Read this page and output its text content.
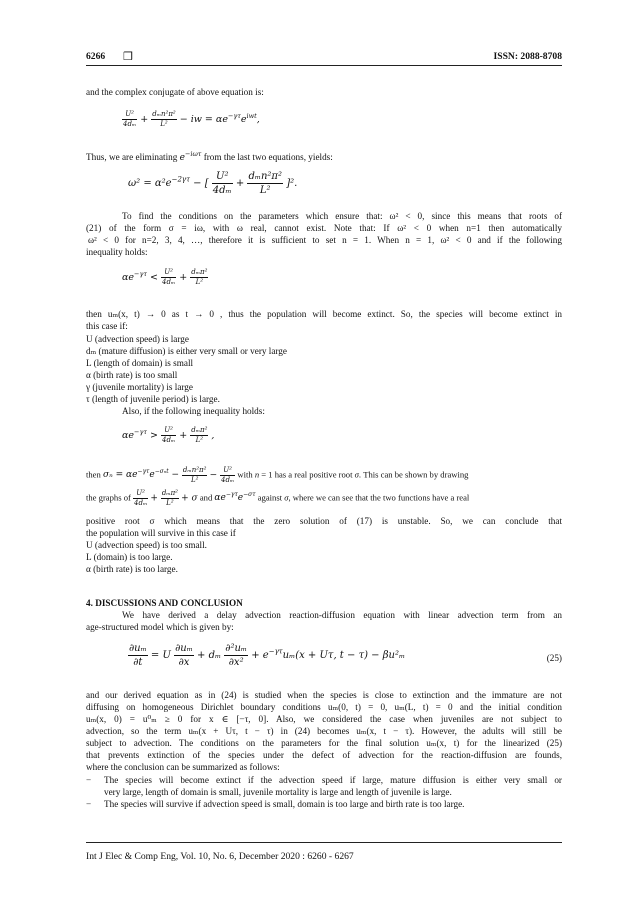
6266 ❒	ISSN: 2088-8708
and the complex conjugate of above equation is:
$\frac{\text{U²}}{\text{4dₘ}} + \frac{\text{dₘn²π²}}{\text{L²}}$ − iw = $\alpha e^{-\gamma\tau}e^{iwt}$,
Thus, we are eliminating $e^{-i\omega\tau}$ from the last two equations, yields:
$\omega^2 = \alpha^2e^{-2\gamma\tau}$ − [ $\frac{\text{U²}}{\text{4dₘ}} + \frac{\text{dₘn²π²}}{\text{L²}} ]^2$.
To find the conditions on the parameters which ensure that: ω² < 0, since this means that roots of
(21) of the form σ = iω, with ω real, cannot exist. Note that: If ω² < 0 when n=1 then automatically
ω² < 0 for n=2, 3, 4, …, therefore it is sufficient to set n = 1. When n = 1, ω² < 0 and if the following
inequality holds:
$\alpha e^{-\gamma\tau} < \frac{\text{U²}}{\text{4dₘ}} + \frac{\text{dₘπ²}}{\text{L²}}$
then uₘ(x, t) → 0 as t → 0 , thus the population will become extinct. So, the species will become extinct in
this case if:
U (advection speed) is large
dₘ (mature diffusion) is either very small or very large
L (length of domain) is small
α (birth rate) is too small
γ (juvenile mortality) is large
τ (length of juvenile period) is large.
Also, if the following inequality holds:
$\alpha e^{-\gamma\tau} > \frac{\text{U²}}{\text{4dₘ}} + \frac{\text{dₘπ²}}{\text{L²}}$ ,
then $\sigma_n = \alpha e^{-\gamma\tau}e^{-\sigma_nt} - \frac{\text{dₘn²π²}}{\text{L²}} - \frac{\text{U²}}{\text{4dₘ}}$ with n = 1 has a real positive root σ. This can be shown by drawing
the graphs of $\frac{\text{U²}}{\text{4dₘ}} + \frac{\text{dₘπ²}}{\text{L²}} + \sigma$ and $\alpha e^{-\gamma\tau}e^{-\sigma\tau}$ against σ, where we can see that the two functions have a real
positive root σ which means that the zero solution of (17) is unstable. So, we can conclude that
the population will survive in this case if
U (advection speed) is too small.
L (domain) is too large.
α (birth rate) is too large.
4. DISCUSSIONS AND CONCLUSION
We have derived a delay advection reaction-diffusion equation with linear advection term from an
age-structured model which is given by:
$\frac{\text{∂uₘ}}{\partial t} = U \frac{\text{∂uₘ}}{\partial x} + d_m \frac{\text{∂²uₘ}}{\text{∂x²}} + e^{-\gamma\tau}u_m(x + U\tau$, t − τ) − βu²ₘ	(25)
and our derived equation as in (24) is studied when the species is close to extinction and the immature are not
diffusing on homogeneous Dirichlet boundary conditions uₘ(0, t) = 0, uₘ(L, t) = 0 and the initial condition
uₘ(x, 0) = u⁰ₘ ≥ 0 for x ∈ [−τ, 0]. Also, we considered the case when juveniles are not subject to
advection, so the term uₘ(x + Uτ, t − τ) in (24) becomes uₘ(x, t − τ). However, the adults will still be
subject to advection. The conditions on the parameters for the final solution uₘ(x, t) for the linearized (25)
that prevents extinction of the species under the defect of advection for the reaction-diffusion are founds,
where the conclusion can be summarized as follows:
− The species will become extinct if the advection speed if large, mature diffusion is either very small or
very large, length of domain is small, juvenile mortality is large and length of juvenile is large.
− The species will survive if advection speed is small, domain is too large and birth rate is too large.
Int J Elec & Comp Eng, Vol. 10, No. 6, December 2020 : 6260 - 6267
